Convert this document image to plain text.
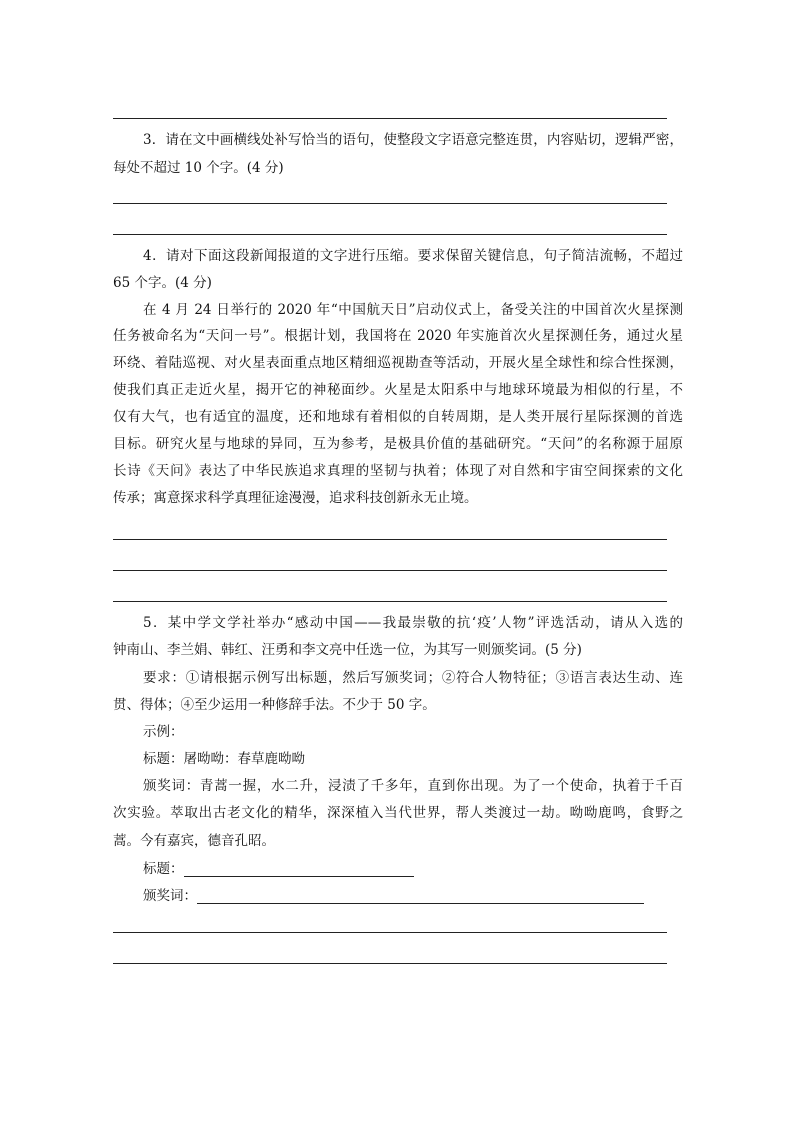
3．请在文中画横线处补写恰当的语句，使整段文字语意完整连贯，内容贴切，逻辑严密，
每处不超过 10 个字。(4 分)
4．请对下面这段新闻报道的文字进行压缩。要求保留关键信息，句子简洁流畅，不超过
65 个字。(4 分)
在 4 月 24 日举行的 2020 年“中国航天日”启动仪式上，备受关注的中国首次火星探测
任务被命名为“天问一号”。根据计划，我国将在 2020 年实施首次火星探测任务，通过火星
环绕、着陆巡视、对火星表面重点地区精细巡视勘查等活动，开展火星全球性和综合性探测，
使我们真正走近火星，揭开它的神秘面纱。火星是太阳系中与地球环境最为相似的行星，不
仅有大气，也有适宜的温度，还和地球有着相似的自转周期，是人类开展行星际探测的首选
目标。研究火星与地球的异同，互为参考，是极具价值的基础研究。“天问”的名称源于屈原
长诗《天问》表达了中华民族追求真理的坚韧与执着；体现了对自然和宇宙空间探索的文化
传承；寓意探求科学真理征途漫漫，追求科技创新永无止境。
5．某中学文学社举办“感动中国——我最崇敬的抗‘疫’人物”评选活动，请从入选的
钟南山、李兰娟、韩红、汪勇和李文亮中任选一位，为其写一则颁奖词。(5 分)
要求：①请根据示例写出标题，然后写颁奖词；②符合人物特征；③语言表达生动、连
贯、得体；④至少运用一种修辞手法。不少于 50 字。
示例：
标题：屠呦呦：春草鹿呦呦
颁奖词：青蒿一握，水二升，浸渍了千多年，直到你出现。为了一个使命，执着于千百
次实验。萃取出古老文化的精华，深深植入当代世界，帮人类渡过一劫。呦呦鹿鸣，食野之
蒿。今有嘉宾，德音孔昭。
标题：
颁奖词：
